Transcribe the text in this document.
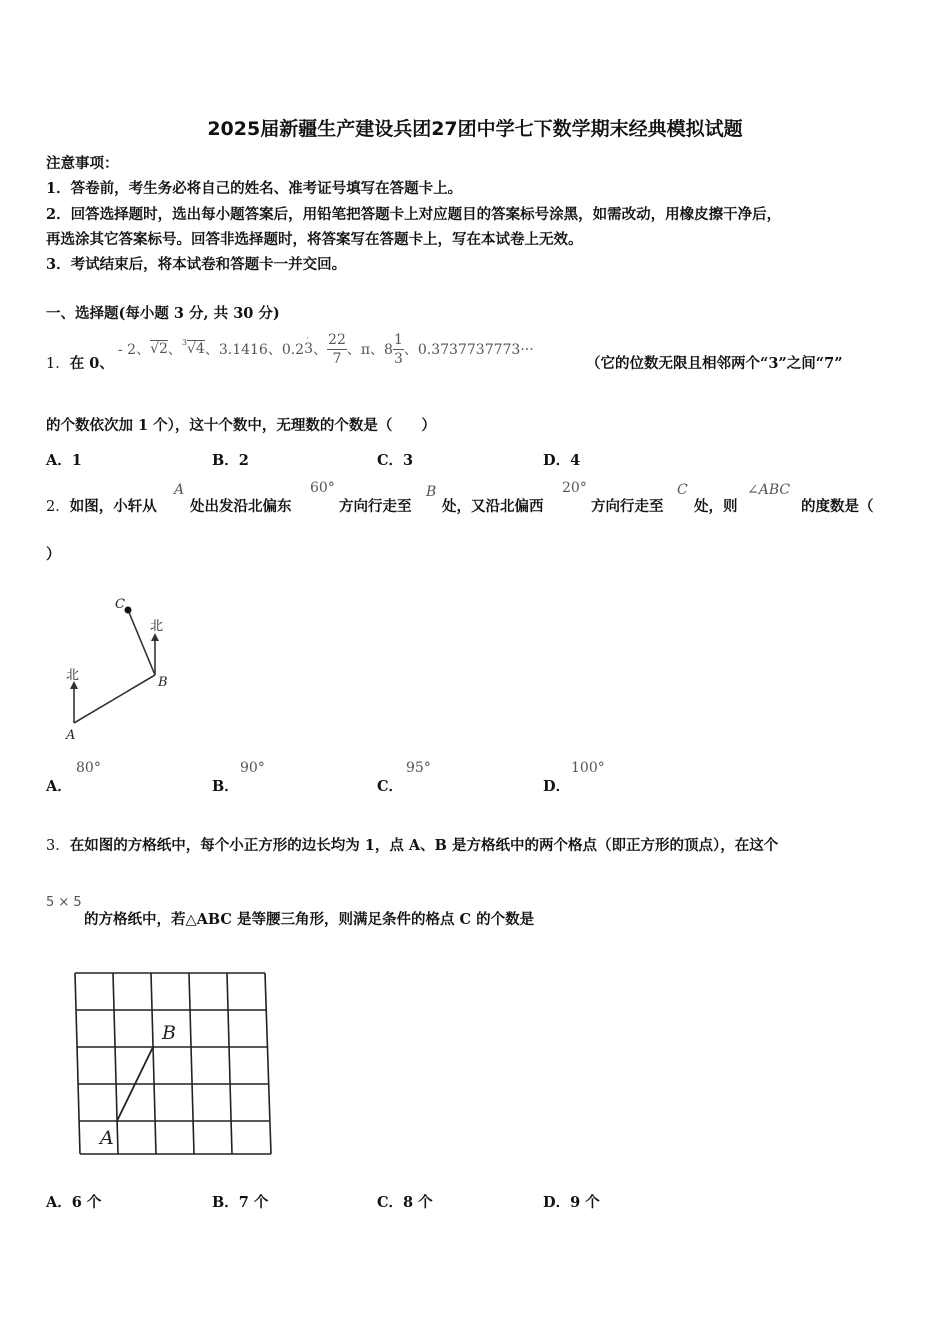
2025届新疆生产建设兵团27团中学七下数学期末经典模拟试题
注意事项：
1．答卷前，考生务必将自己的姓名、准考证号填写在答题卡上。
2．回答选择题时，选出每小题答案后，用铅笔把答题卡上对应题目的答案标号涂黑，如需改动，用橡皮擦干净后，
再选涂其它答案标号。回答非选择题时，将答案写在答题卡上，写在本试卷上无效。
3．考试结束后，将本试卷和答题卡一并交回。
一、选择题(每小题 3 分, 共 30 分)
1．在 0、
- 2、 √2 、 3 √4 、3.1416、0.2 3
·
、 $\frac{22}{7}$ 、π、$8 \frac{1}{3}$ 、0.3737737773···
（它的位数无限且相邻两个“3”之间“7”
的个数依次加 1 个），这十个数中，无理数的个数是（　　）
A．1	B．2	C．3	D．4
2．如图，小轩从
A
处出发沿北偏东
60°
方向行走至
B
处，又沿北偏西
20°
方向行走至
C
处，则
∠ABC
的度数是（
）
C
B
A
北
北
A．
80°
B．
90°
C．
95°
D．
100°
3．在如图的方格纸中，每个小正方形的边长均为 1，点 A、B 是方格纸中的两个格点（即正方形的顶点），在这个
5 × 5
的方格纸中，若△ABC 是等腰三角形，则满足条件的格点 C 的个数是
A
B
A．6 个	B．7 个	C．8 个	D．9 个
